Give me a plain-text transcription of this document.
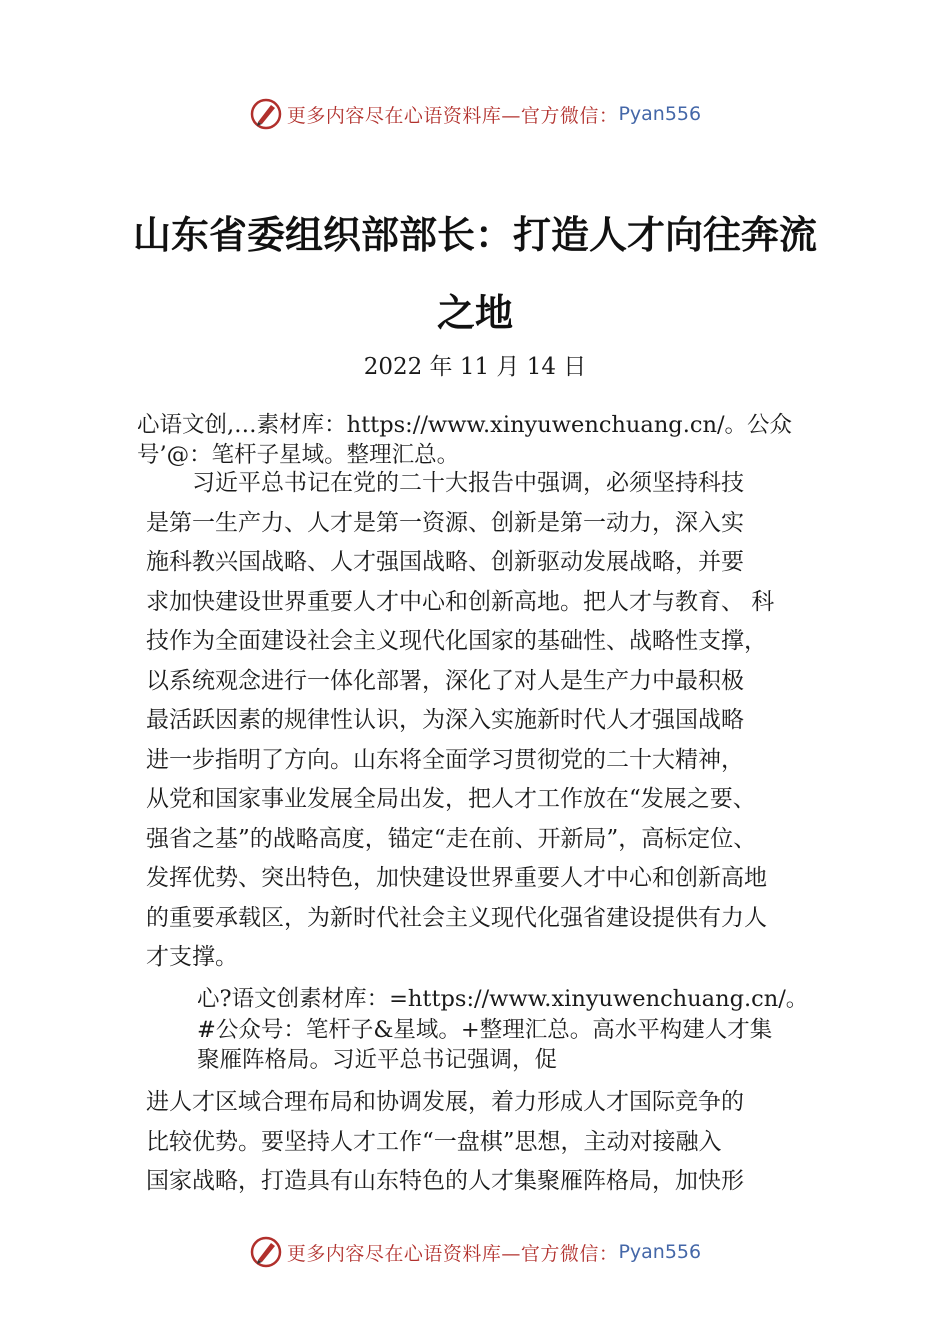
更多内容尽在心语资料库 —官方微信： Pyan556
山东省委组织部部长：打造人才向往奔流
之地
2022 年 11 月 14 日
心语文创,…素材库：https://www.xinyuwenchuang.cn/。公众
号’@：笔杆子星域。整理汇总。
　　习近平总书记在党的二十大报告中强调，必须坚持科技
是第一生产力、人才是第一资源、创新是第一动力，深入实
施科教兴国战略、人才强国战略、创新驱动发展战略，并要
求加快建设世界重要人才中心和创新高地。把人才与教育、 科
技作为全面建设社会主义现代化国家的基础性、战略性支撑，
以系统观念进行一体化部署，深化了对人是生产力中最积极
最活跃因素的规律性认识，为深入实施新时代人才强国战略
进一步指明了方向。山东将全面学习贯彻党的二十大精神，
从党和国家事业发展全局出发，把人才工作放在“发展之要、
强省之基”的战略高度，锚定“走在前、开新局”，高标定位、
发挥优势、突出特色，加快建设世界重要人才中心和创新高地
的重要承载区，为新时代社会主义现代化强省建设提供有力人
才支撑。
心?语文创素材库：=https://www.xinyuwenchuang.cn/。
#公众号：笔杆子&星域。+整理汇总。高水平构建人才集
聚雁阵格局。习近平总书记强调，促
进人才区域合理布局和协调发展，着力形成人才国际竞争的
比较优势。要坚持人才工作“一盘棋”思想，主动对接融入
国家战略，打造具有山东特色的人才集聚雁阵格局，加快形
更多内容尽在心语资料库 —官方微信： Pyan556
